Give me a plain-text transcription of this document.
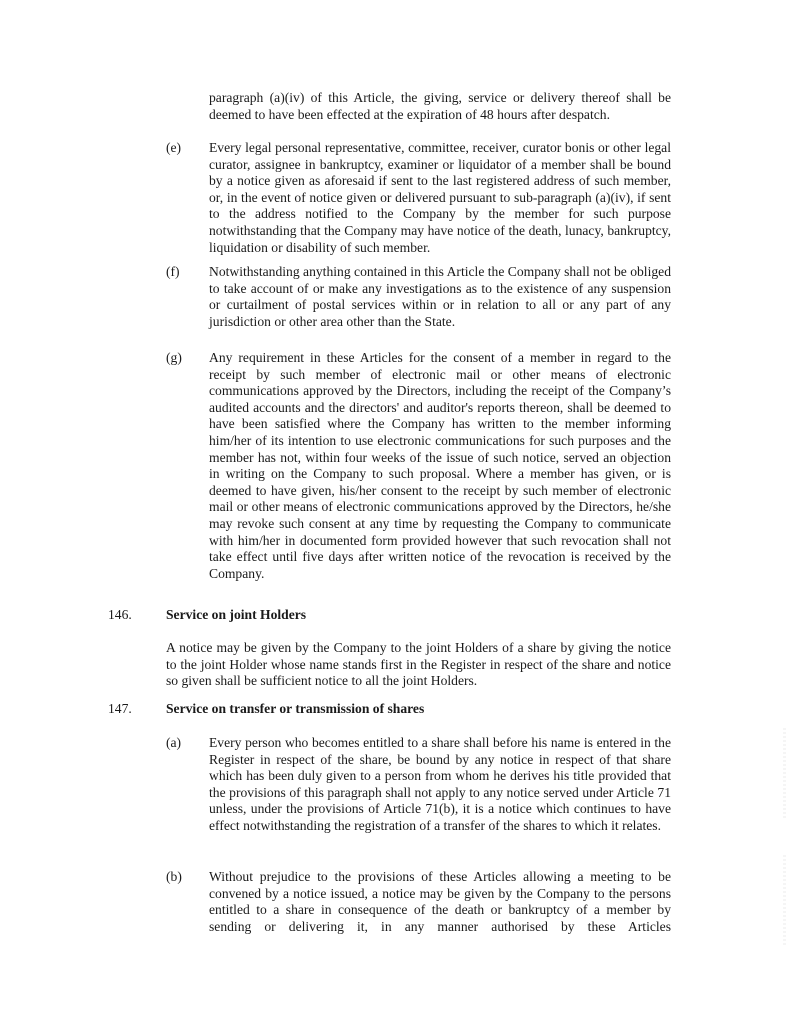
paragraph (a)(iv) of this Article, the giving, service or delivery thereof shall be deemed to have been effected at the expiration of 48 hours after despatch.
(e) Every legal personal representative, committee, receiver, curator bonis or other legal curator, assignee in bankruptcy, examiner or liquidator of a member shall be bound by a notice given as aforesaid if sent to the last registered address of such member, or, in the event of notice given or delivered pursuant to sub-paragraph (a)(iv), if sent to the address notified to the Company by the member for such purpose notwithstanding that the Company may have notice of the death, lunacy, bankruptcy, liquidation or disability of such member.
(f) Notwithstanding anything contained in this Article the Company shall not be obliged to take account of or make any investigations as to the existence of any suspension or curtailment of postal services within or in relation to all or any part of any jurisdiction or other area other than the State.
(g) Any requirement in these Articles for the consent of a member in regard to the receipt by such member of electronic mail or other means of electronic communications approved by the Directors, including the receipt of the Company’s audited accounts and the directors' and auditor's reports thereon, shall be deemed to have been satisfied where the Company has written to the member informing him/her of its intention to use electronic communications for such purposes and the member has not, within four weeks of the issue of such notice, served an objection in writing on the Company to such proposal. Where a member has given, or is deemed to have given, his/her consent to the receipt by such member of electronic mail or other means of electronic communications approved by the Directors, he/she may revoke such consent at any time by requesting the Company to communicate with him/her in documented form provided however that such revocation shall not take effect until five days after written notice of the revocation is received by the Company.
146.	Service on joint Holders
A notice may be given by the Company to the joint Holders of a share by giving the notice to the joint Holder whose name stands first in the Register in respect of the share and notice so given shall be sufficient notice to all the joint Holders.
147.	Service on transfer or transmission of shares
(a) Every person who becomes entitled to a share shall before his name is entered in the Register in respect of the share, be bound by any notice in respect of that share which has been duly given to a person from whom he derives his title provided that the provisions of this paragraph shall not apply to any notice served under Article 71 unless, under the provisions of Article 71(b), it is a notice which continues to have effect notwithstanding the registration of a transfer of the shares to which it relates.
(b) Without prejudice to the provisions of these Articles allowing a meeting to be convened by a notice issued, a notice may be given by the Company to the persons entitled to a share in consequence of the death or bankruptcy of a member by sending or delivering it, in any manner authorised by these Articles
